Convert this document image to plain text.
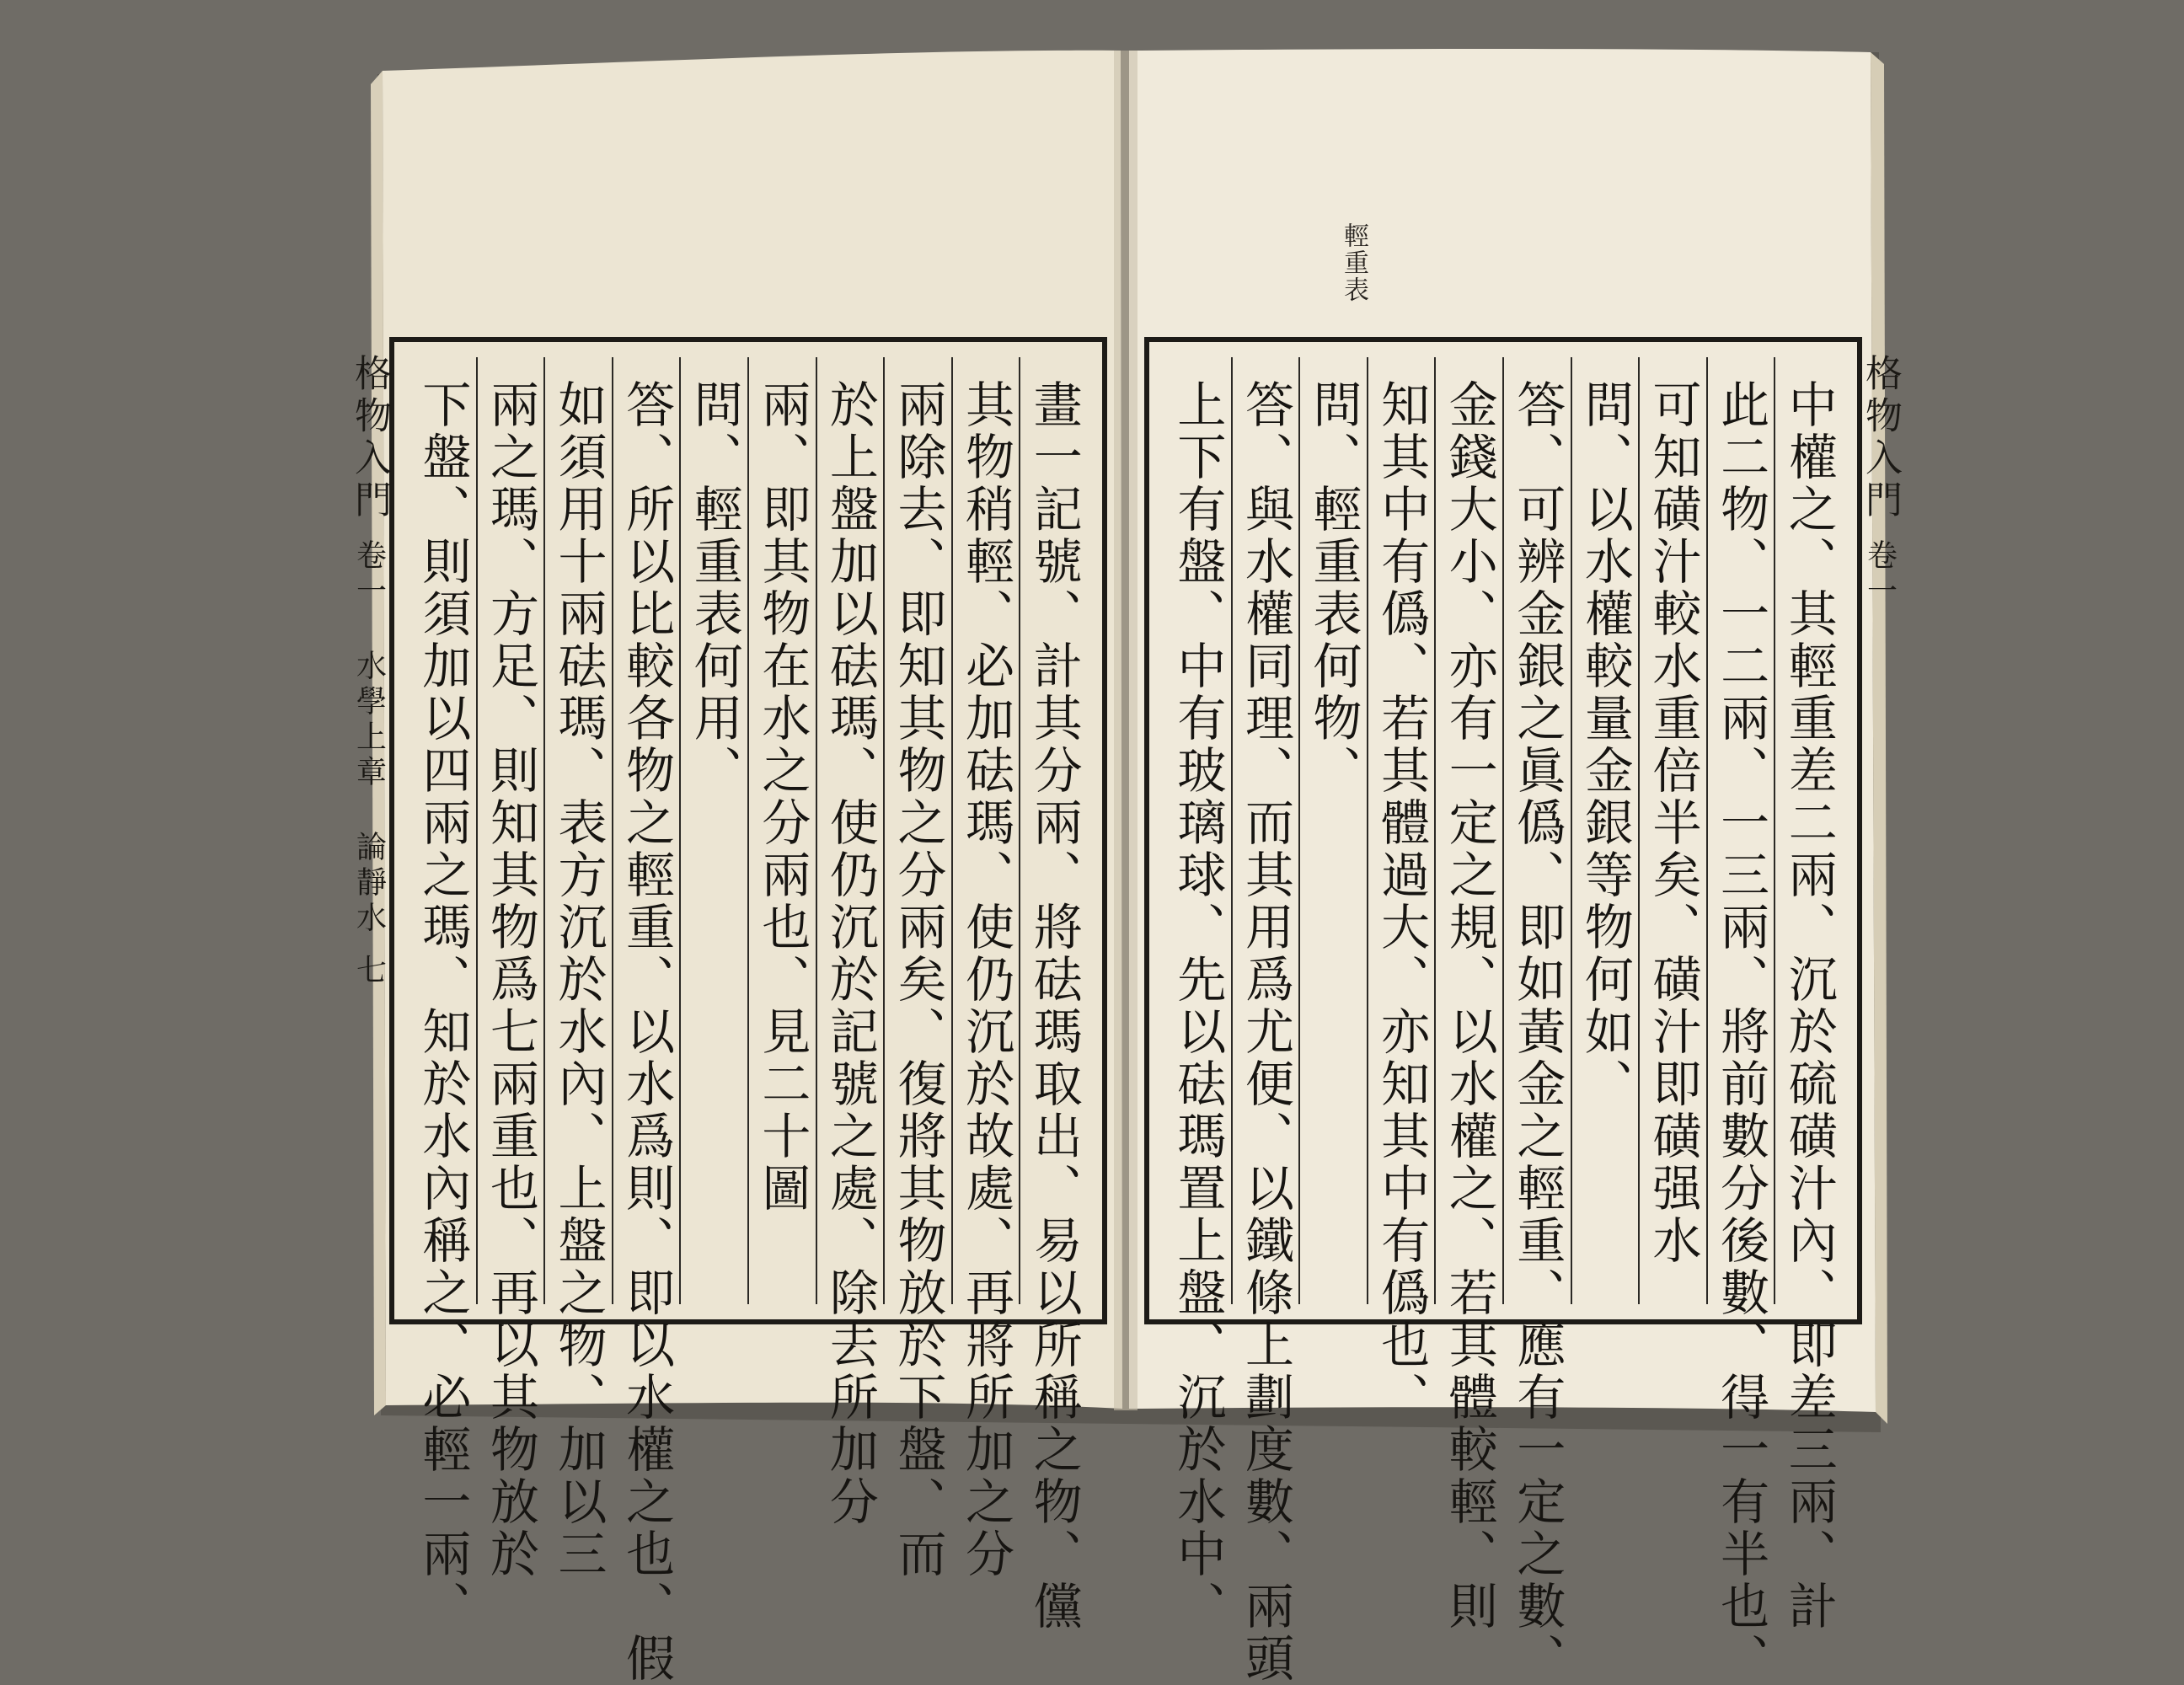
輕重表
畫一記號、計其分兩、將砝瑪取出、易以所稱之物、儻
其物稍輕、必加砝瑪、使仍沉於故處、再將所加之分
兩除去、即知其物之分兩矣、復將其物放於下盤、而
於上盤加以砝瑪、使仍沉於記號之處、除去所加分
兩、即其物在水之分兩也、見二十圖
問、輕重表何用、
答、所以比較各物之輕重、以水爲則、即以水權之也、假
如須用十兩砝瑪、表方沉於水內、上盤之物、加以三
兩之瑪、方足、則知其物爲七兩重也、再以其物放於
下盤、則須加以四兩之瑪、知於水內稱之、必輕一兩、
格物入門
卷一 水學上章 論靜水
七	中權之、其輕重差二兩、沉於硫磺汁內、即差三兩、計
此二物、一二兩、一三兩、將前數分後數、得一有半也、
可知磺汁較水重倍半矣、磺汁即磺强水
問、以水權較量金銀等物何如、
答、可辨金銀之眞僞、即如黃金之輕重、應有一定之數、
金錢大小、亦有一定之規、以水權之、若其體較輕、則
知其中有僞、若其體過大、亦知其中有僞也、
問、輕重表何物、
答、與水權同理、而其用爲尤便、以鐵條上劃度數、兩頭
上下有盤、中有玻璃球、先以砝瑪置上盤、沉於水中、	格物入門
卷一
